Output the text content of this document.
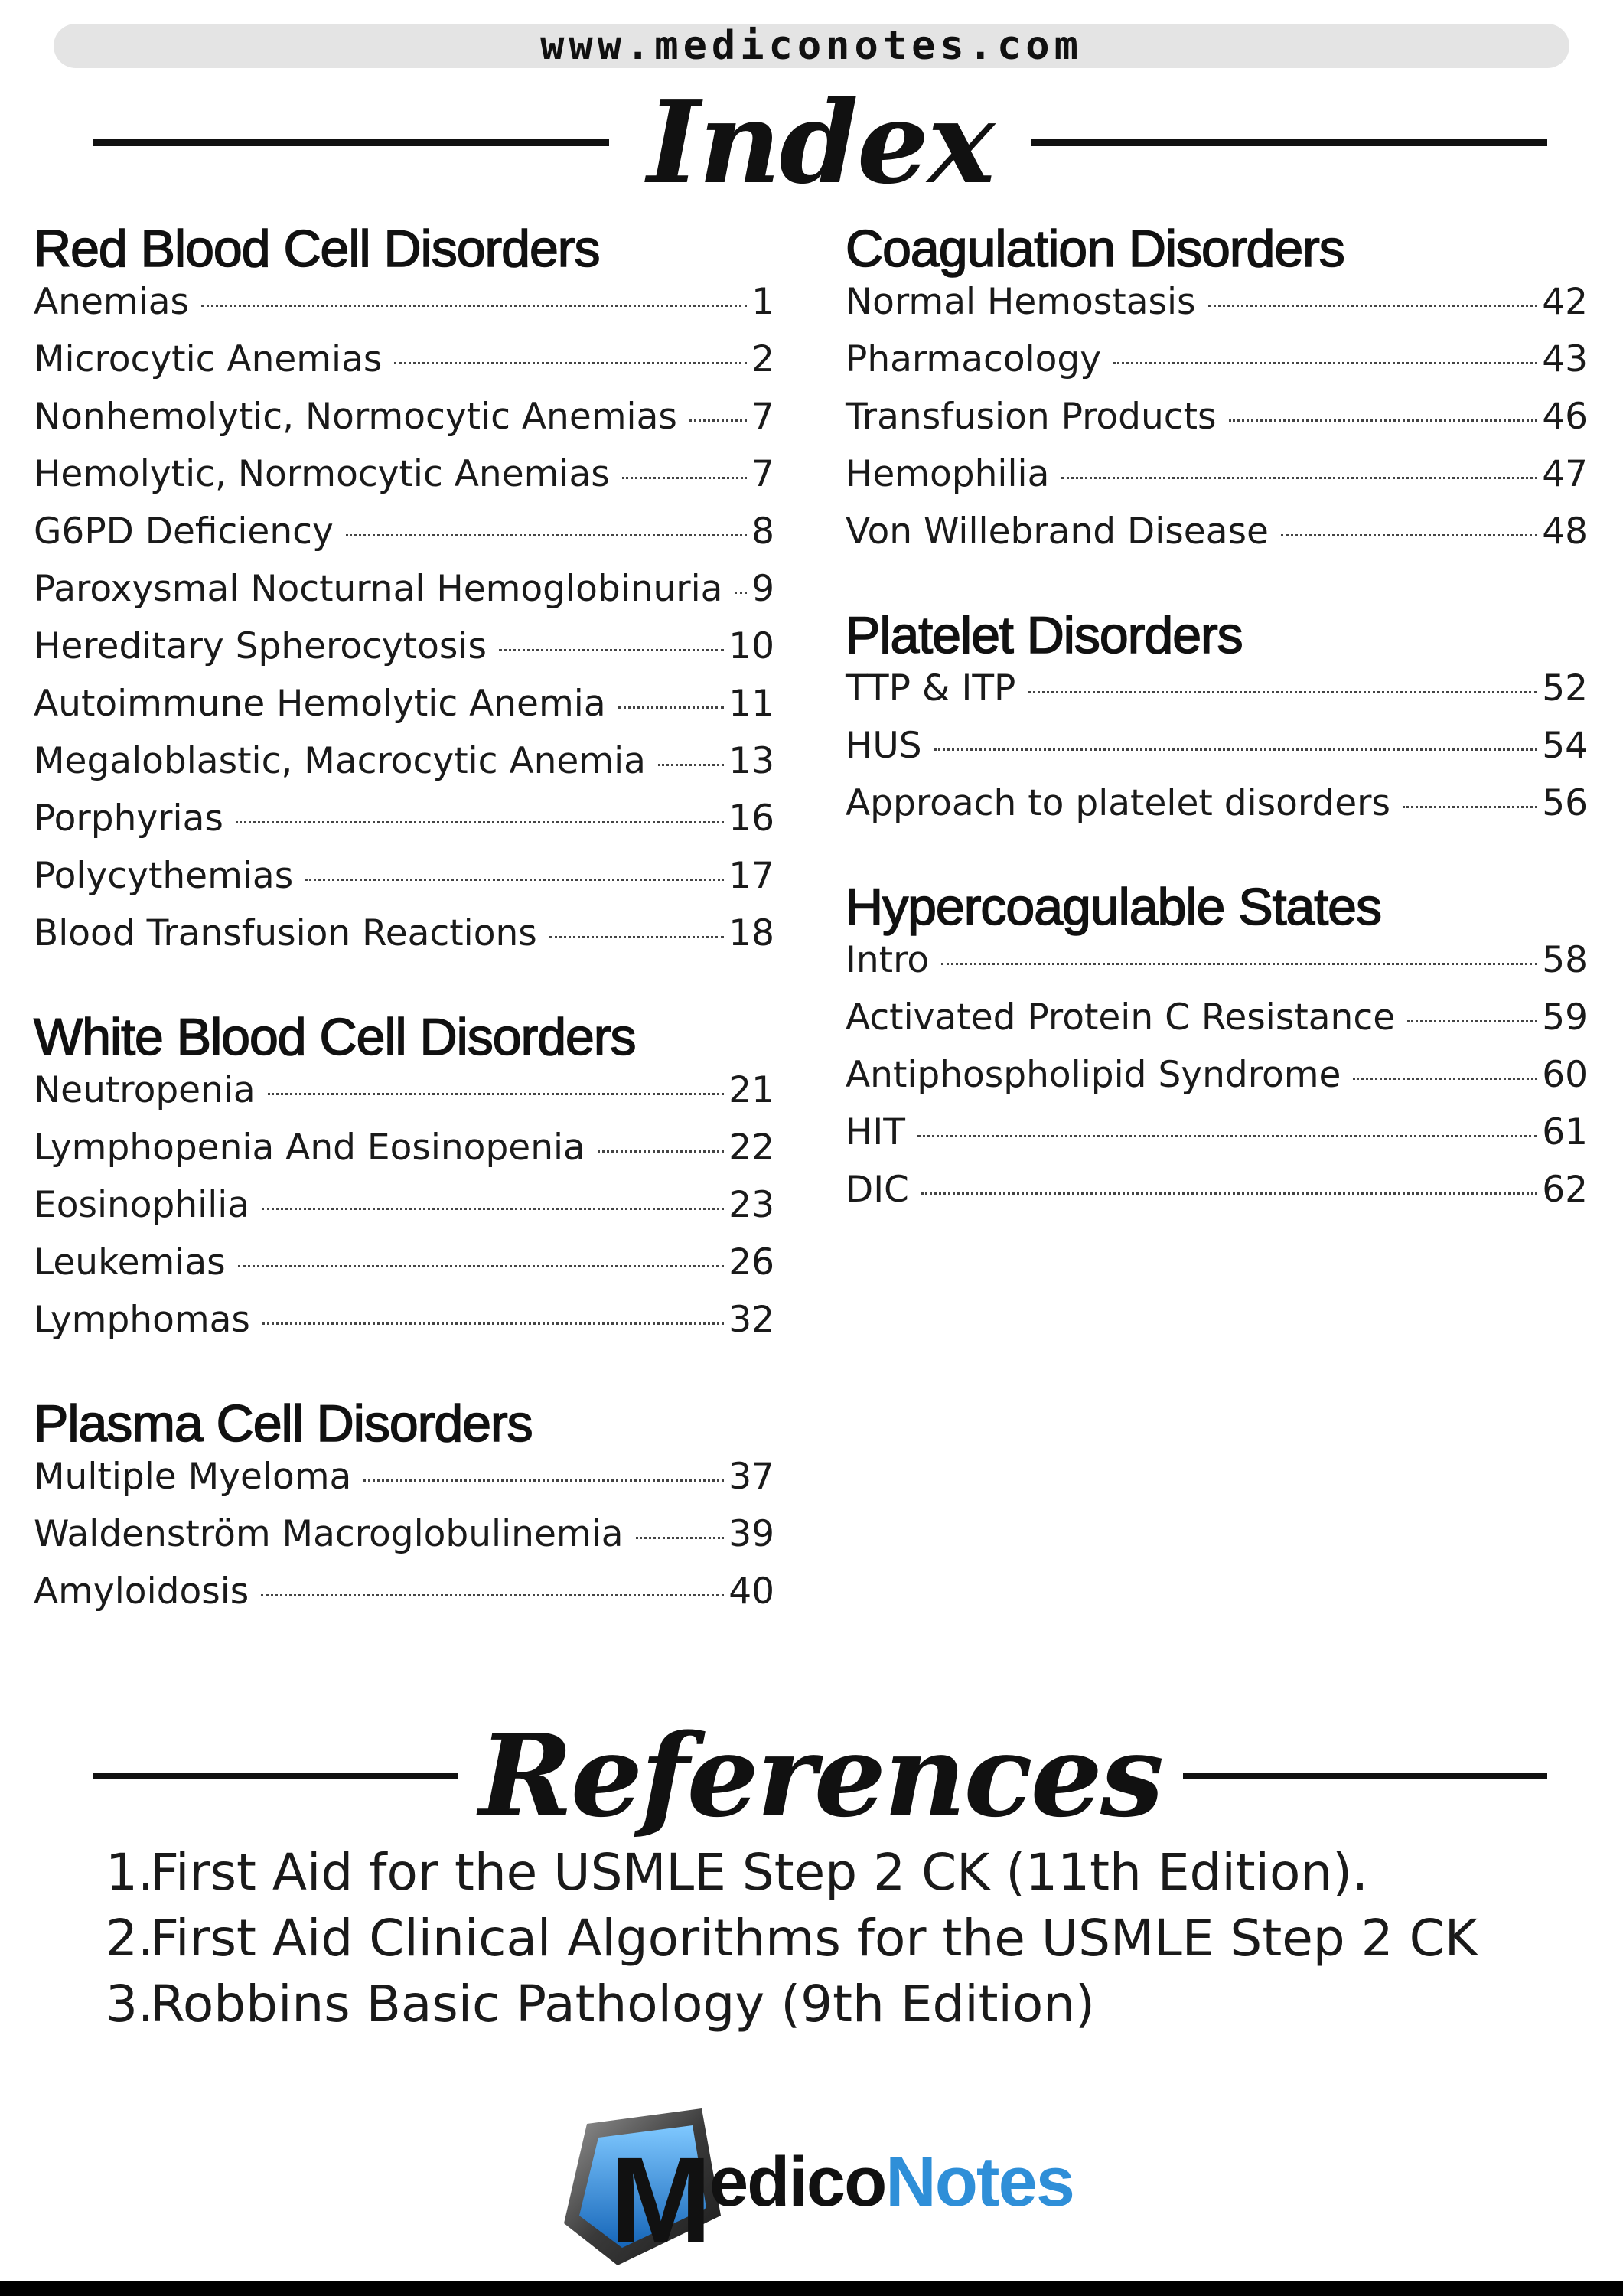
www.mediconotes.com
Index
Red Blood Cell Disorders
Anemias	1
Microcytic Anemias	2
Nonhemolytic, Normocytic Anemias 7
Hemolytic, Normocytic Anemias	7
G6PD Deficiency	8
Paroxysmal Nocturnal Hemoglobinuria 9
Hereditary Spherocytosis	10
Autoimmune Hemolytic Anemia	11
Megaloblastic, Macrocytic Anemia 13
Porphyrias	16
Polycythemias	17
Blood Transfusion Reactions	18
White Blood Cell Disorders
Neutropenia	21
Lymphopenia And Eosinopenia	22
Eosinophilia	23
Leukemias	26
Lymphomas	32
Plasma Cell Disorders
Multiple Myeloma	37
Waldenström Macroglobulinemia	39
Amyloidosis	40
Coagulation Disorders
Normal Hemostasis	42
Pharmacology	43
Transfusion Products	46
Hemophilia	47
Von Willebrand Disease	48
Platelet Disorders
TTP & ITP	52
HUS	54
Approach to platelet disorders	56
Hypercoagulable States
Intro	58
Activated Protein C Resistance	59
Antiphospholipid Syndrome	60
HIT	61
DIC	62
References
1.
First Aid for the USMLE Step 2 CK (11th Edition).
2.
First Aid Clinical Algorithms for the USMLE Step 2 CK
3.
Robbins Basic Pathology (9th Edition)
M
edicoNotes
